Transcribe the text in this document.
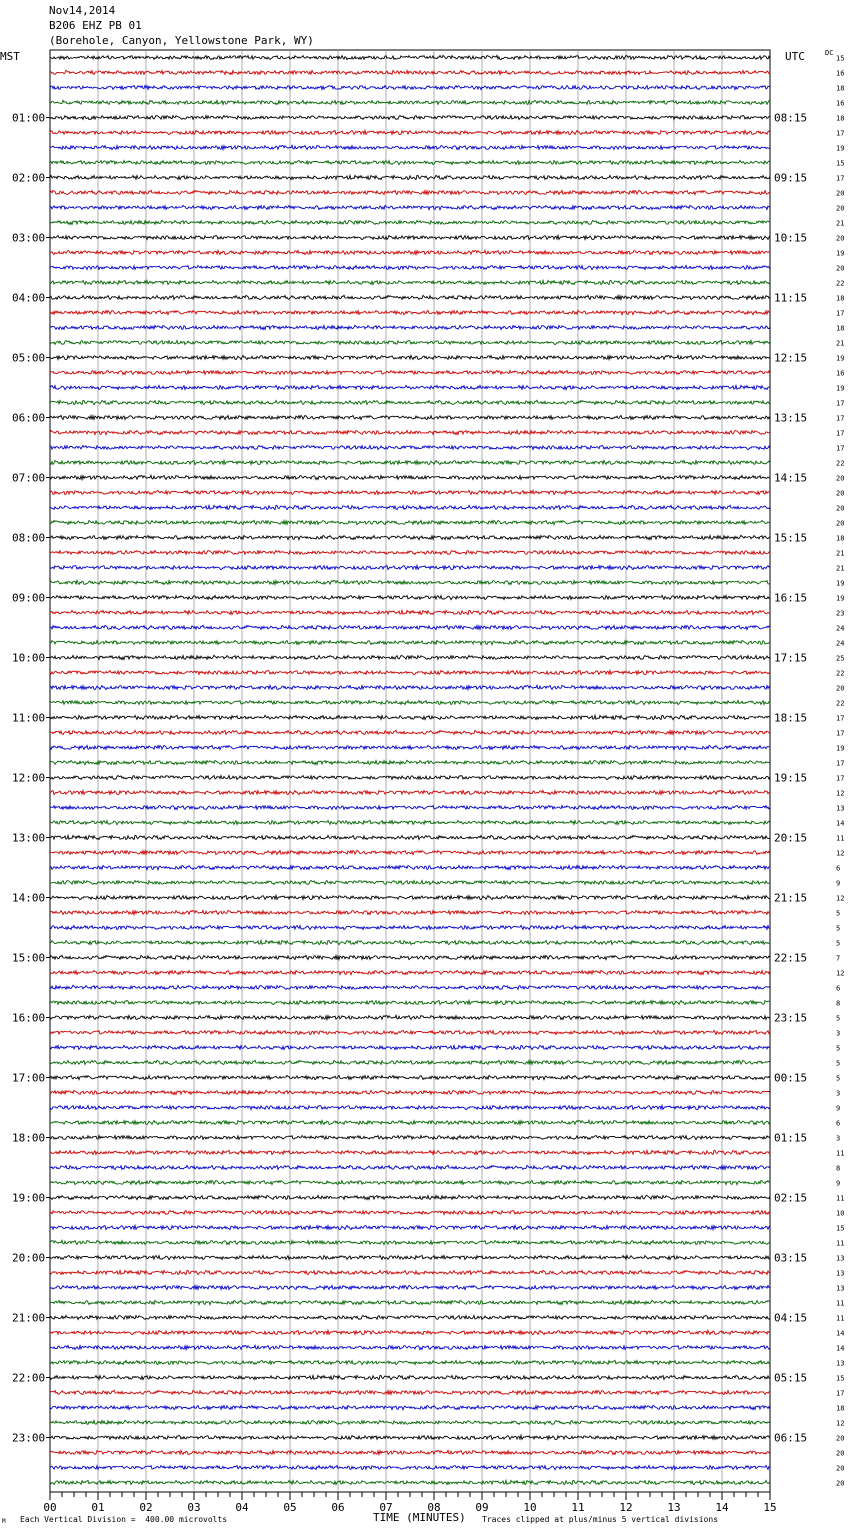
Nov14,2014
B206 EHZ PB 01
(Borehole, Canyon, Yellowstone Park, WY)
MST	UTC	DC
15
16
18
16
18
17
19
15
17
20
20
21
20
19
20
22
18
17
18
21
19
16
19
17
17
17
17
22
20
20
20
20
18
21
21
19
19
23
24
24
25
22
20
22
17
17
19
17
17
12
13
14
11
12
6
9
12
5
5
5
7
12
6
8
5
3
5
5
5
3
9
6
3
11
8
9
11
10
15
11
13
13
13
11
11
14
14
13
15
17
18
12
20
20
20
20
01:00
02:00
03:00
04:00
05:00
06:00
07:00
08:00
09:00
10:00
11:00
12:00
13:00
14:00
15:00
16:00
17:00
18:00
19:00
20:00
21:00
22:00
23:00
08:15
09:15
10:15
11:15
12:15
13:15
14:15
15:15
16:15
17:15
18:15
19:15
20:15
21:15
22:15
23:15
00:15
01:15
02:15
03:15
04:15
05:15
06:15
00	01	02	03	04	05	06	07	08	09	10	11	12	13	14	15
M Each Vertical Division =  400.00 microvolts	TIME (MINUTES) Traces clipped at plus/minus 5 vertical divisions
